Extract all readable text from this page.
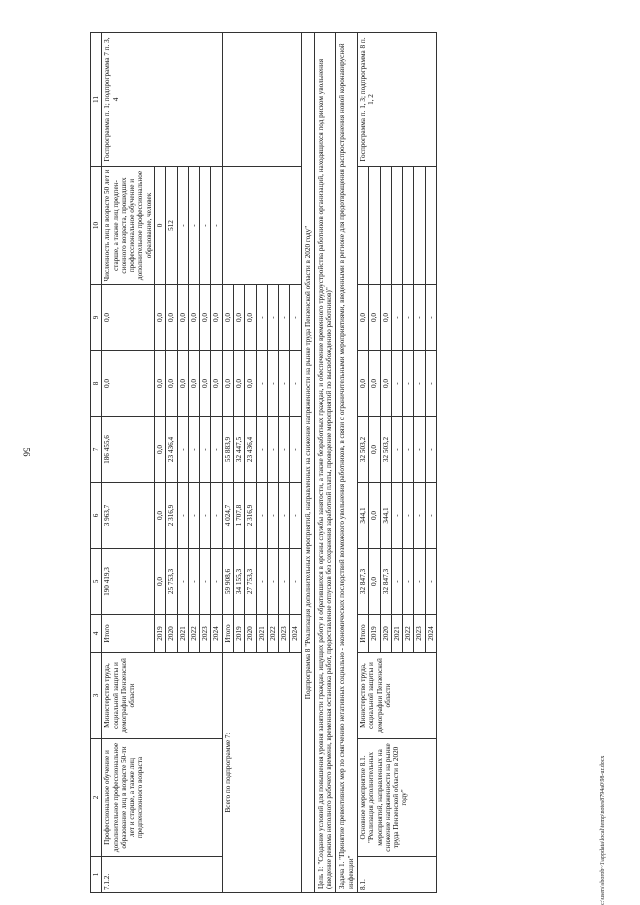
56
1	2	3	4	5	6	7	8	9	10	11
7.1.2.	Профессиональное обучение и дополнительное профессиональное образование лиц в возрасте 50-ти лет и старше, а также лиц предпенсионного возраста	Министерство труда, социальной защиты и демографии Пензенской области	Итого	190 419,3	3 963,7	186 455,6	0,0	0,0	Численность лиц в возрасте 50 лет и старше, а также лиц предпенсионного возраста, прошедших профессиональное обучение и дополнительное профессиональное образование, человек	Госпрограмма п. 1; подпрограмма 7 п. 3, 4
			2019	0,0	0,0	0,0	0,0	0,0	0	
			2020	25 753,3	2 316,9	23 436,4	0,0	0,0	512	
			2021	-	-	-	0,0	0,0	-	
			2022	-	-	-	0,0	0,0	-	
			2023	-	-	-	0,0	0,0	-	
			2024	-	-	-	0,0	0,0	-	
Всего по подпрограмме 7:			Итого	59 908,6	4 024,7	55 883,9	0,0	0,0		
			2019	34 155,3	1 707,8	32 447,5	0,0	0,0		
			2020	27 753,3	2 316,9	23 436,4	0,0	0,0		
			2021	-	-	-	-	-		
			2022	-	-	-	-	-		
			2023	-	-	-	-	-		
			2024	-	-	-	-	-		
Подпрограмма 8 "Реализация дополнительных мероприятий, направленных на снижение напряженности на рынке труда Пензенской области в 2020 году"										
Цель 1: "Создание условий для повышения уровня занятости граждан, ищущих работу и обратившихся в органы службы занятости, а также безработных граждан, и обеспечение временного трудоустройства работников организаций, находящихся под риском увольнения (введение режима неполного рабочего времени, временная остановка работ, предоставление отпусков без сохранения заработной платы, проведение мероприятий по высвобождению работников)"										
Задача 1. "Принятие превентивных мер по смягчению негативных социально - экономических последствий возможного увольнения работников, в связи с ограничительными мероприятиями, введенными в регионе для предотвращения распространения новой коронавирусной инфекции"										
8.1.	Основное мероприятие 8.1. "Реализация дополнительных мероприятий, направленных на снижение напряженности на рынке труда Пензенской области в 2020 году"	Министерство труда, социальной защиты и демографии Пензенской области	Итого	32 847,3	344,1	32 503,2	0,0	0,0		Госпрограмма п. 1, 3; подпрограмма 8 п. 1, 2
			2019	0,0	0,0	0,0	0,0	0,0		
			2020	32 847,3	344,1	32 503,2	0,0	0,0		
			2021	-	-	-	-	-		
			2022	-	-	-	-	-		
			2023	-	-	-	-	-		
			2024	-	-	-	-	-		
c:\users\sborob~1\appdata\local\temp\notes8794a0\98-ur.docx
